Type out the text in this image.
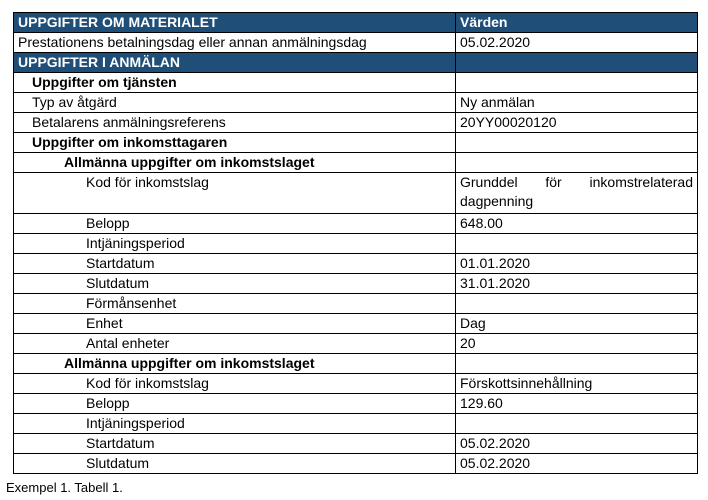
UPPGIFTER OM MATERIALET	Värden
Prestationens betalningsdag eller annan anmälningsdag	05.02.2020
UPPGIFTER I ANMÄLAN	
Uppgifter om tjänsten	
Typ av åtgärd	Ny anmälan
Betalarens anmälningsreferens	20YY00020120
Uppgifter om inkomsttagaren	
Allmänna uppgifter om inkomstslaget	
Kod för inkomstslag	Grunddel för inkomstrelaterad
dagpenning

Belopp	648.00
Intjäningsperiod	
Startdatum	01.01.2020
Slutdatum	31.01.2020
Förmånsenhet	
Enhet	Dag
Antal enheter	20
Allmänna uppgifter om inkomstslaget	
Kod för inkomstslag	Förskottsinnehållning
Belopp	129.60
Intjäningsperiod	
Startdatum	05.02.2020
Slutdatum	05.02.2020
Exempel 1. Tabell 1.
